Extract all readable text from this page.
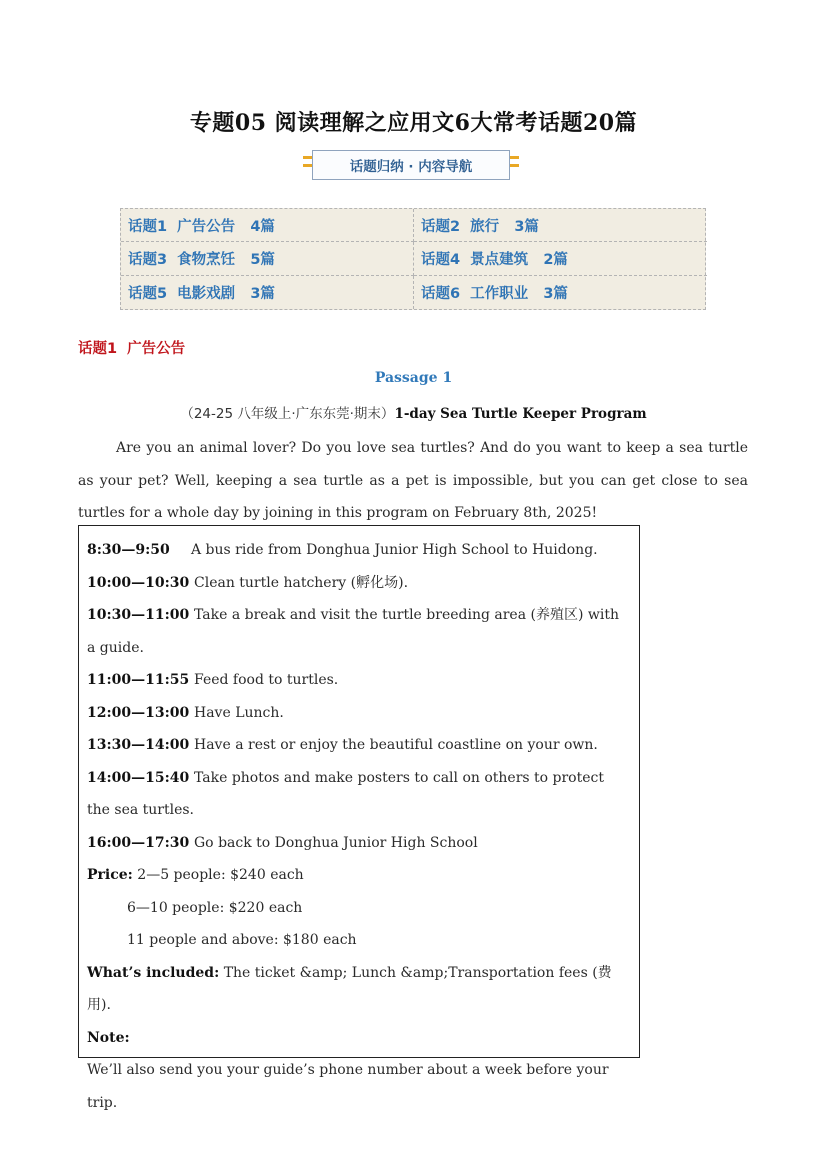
专题05 阅读理解之应用文6大常考话题20篇
话题归纳 · 内容导航
话题1  广告公告   4篇	话题2  旅行   3篇
话题3  食物烹饪   5篇	话题4  景点建筑   2篇
话题5  电影戏剧   3篇	话题6  工作职业   3篇
话题1  广告公告
Passage 1
（24-25 八年级上·广东东莞·期末）1-day Sea Turtle Keeper Program
Are you an animal lover? Do you love sea turtles? And do you want to keep a sea turtle as your pet? Well, keeping a sea turtle as a pet is impossible, but you can get close to sea turtles for a whole day by joining in this program on February 8th, 2025!
8:30—9:50 A bus ride from Donghua Junior High School to Huidong.
10:00—10:30 Clean turtle hatchery (孵化场).
10:30—11:00 Take a break and visit the turtle breeding area (养殖区) with a guide.
11:00—11:55 Feed food to turtles.
12:00—13:00 Have Lunch.
13:30—14:00 Have a rest or enjoy the beautiful coastline on your own.
14:00—15:40 Take photos and make posters to call on others to protect the sea turtles.
16:00—17:30 Go back to Donghua Junior High School
Price: 2—5 people: $240 each
6—10 people: $220 each
11 people and above: $180 each
What’s included: The ticket &amp; Lunch &amp;Transportation fees (费用).
Note:
We’ll also send you your guide’s phone number about a week before your trip.
